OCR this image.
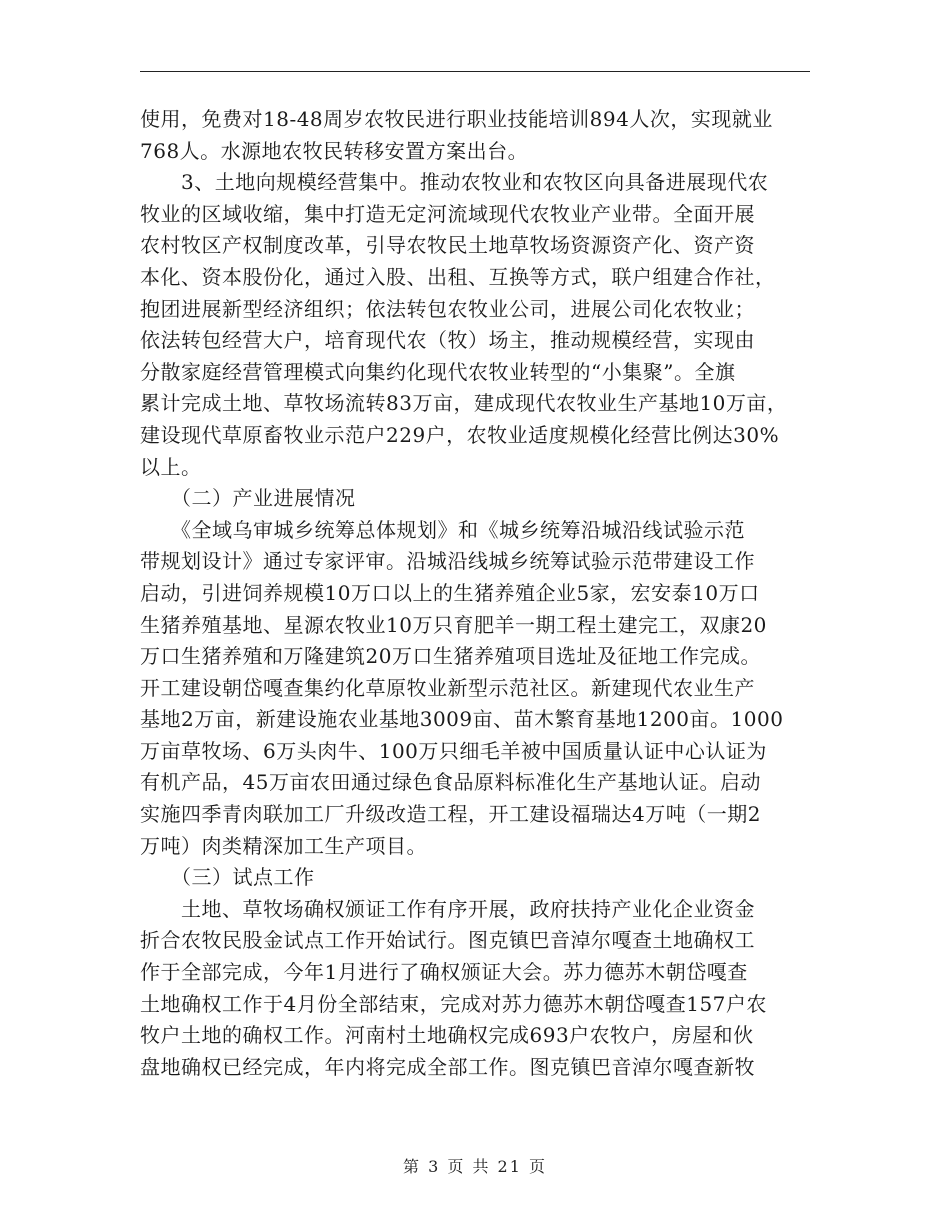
使用，免费对18-48周岁农牧民进行职业技能培训894人次，实现就业
768人。水源地农牧民转移安置方案出台。
　　3、土地向规模经营集中。推动农牧业和农牧区向具备进展现代农
牧业的区域收缩，集中打造无定河流域现代农牧业产业带。全面开展
农村牧区产权制度改革，引导农牧民土地草牧场资源资产化、资产资
本化、资本股份化，通过入股、出租、互换等方式，联户组建合作社，
抱团进展新型经济组织；依法转包农牧业公司，进展公司化农牧业；
依法转包经营大户，培育现代农（牧）场主，推动规模经营，实现由
分散家庭经营管理模式向集约化现代农牧业转型的“小集聚”。全旗
累计完成土地、草牧场流转83万亩，建成现代农牧业生产基地10万亩，
建设现代草原畜牧业示范户229户，农牧业适度规模化经营比例达30%
以上。
　　（二）产业进展情况
　　《全域乌审城乡统筹总体规划》和《城乡统筹沿城沿线试验示范
带规划设计》通过专家评审。沿城沿线城乡统筹试验示范带建设工作
启动，引进饲养规模10万口以上的生猪养殖企业5家，宏安泰10万口
生猪养殖基地、星源农牧业10万只育肥羊一期工程土建完工，双康20
万口生猪养殖和万隆建筑20万口生猪养殖项目选址及征地工作完成。
开工建设朝岱嘎查集约化草原牧业新型示范社区。新建现代农业生产
基地2万亩，新建设施农业基地3009亩、苗木繁育基地1200亩。1000
万亩草牧场、6万头肉牛、100万只细毛羊被中国质量认证中心认证为
有机产品，45万亩农田通过绿色食品原料标准化生产基地认证。启动
实施四季青肉联加工厂升级改造工程，开工建设福瑞达4万吨（一期2
万吨）肉类精深加工生产项目。
　　（三）试点工作
　　土地、草牧场确权颁证工作有序开展，政府扶持产业化企业资金
折合农牧民股金试点工作开始试行。图克镇巴音淖尔嘎查土地确权工
作于全部完成，今年1月进行了确权颁证大会。苏力德苏木朝岱嘎查
土地确权工作于4月份全部结束，完成对苏力德苏木朝岱嘎查157户农
牧户土地的确权工作。河南村土地确权完成693户农牧户，房屋和伙
盘地确权已经完成，年内将完成全部工作。图克镇巴音淖尔嘎查新牧
第 3 页 共 21 页
